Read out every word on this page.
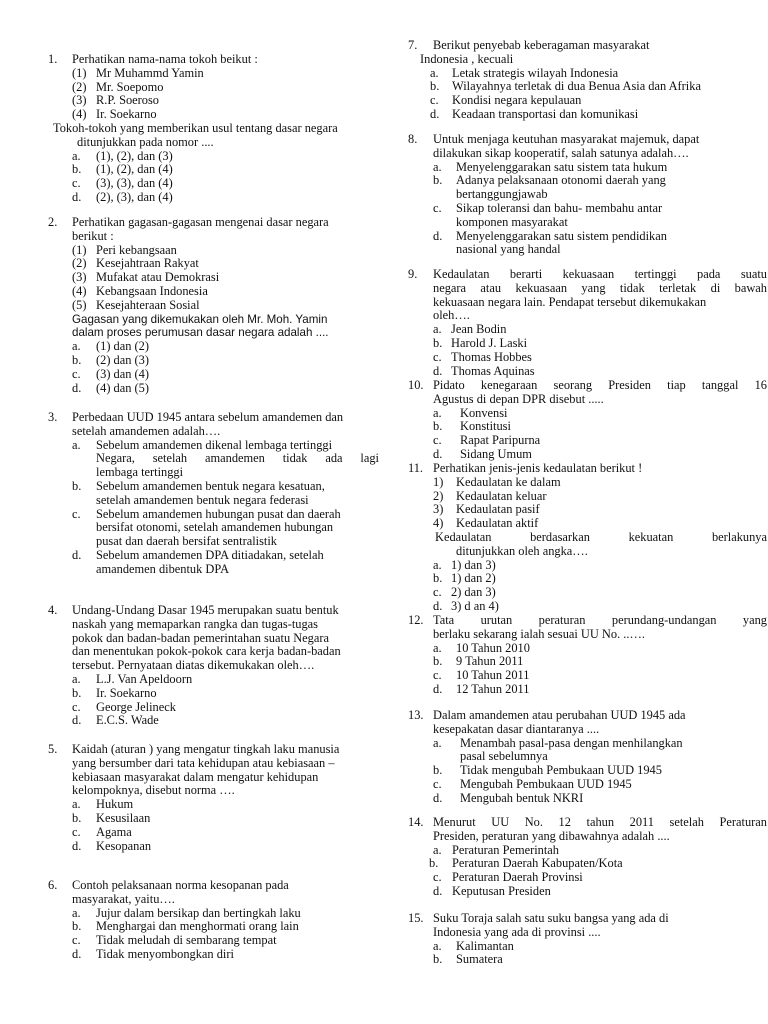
1. Perhatikan nama-nama tokoh beikut :
(1) Mr Muhammd Yamin
(2) Mr. Soepomo
(3) R.P. Soeroso
(4) Ir. Soekarno
Tokoh-tokoh yang memberikan usul tentang dasar negara
ditunjukkan pada nomor ....
a. (1), (2), dan (3)
b. (1), (2), dan (4)
c. (3), (3), dan (4)
d. (2), (3), dan (4)
2. Perhatikan gagasan-gagasan mengenai dasar negara
berikut :
(1) Peri kebangsaan
(2) Kesejahtraan Rakyat
(3) Mufakat atau Demokrasi
(4) Kebangsaan Indonesia
(5) Kesejahteraan Sosial
Gagasan yang dikemukakan oleh Mr. Moh. Yamin
dalam proses perumusan dasar negara adalah ....
a. (1) dan (2)
b. (2) dan (3)
c. (3) dan (4)
d. (4) dan (5)
3. Perbedaan UUD 1945 antara sebelum amandemen dan
setelah amandemen adalah….
a. Sebelum amandemen dikenal lembaga tertinggi
Negara, setelah amandemen tidak ada lagi
lembaga tertinggi
b. Sebelum amandemen bentuk negara kesatuan,
setelah amandemen bentuk negara federasi
c. Sebelum amandemen hubungan pusat dan daerah
bersifat otonomi, setelah amandemen hubungan
pusat dan daerah bersifat sentralistik
d. Sebelum amandemen DPA ditiadakan, setelah
amandemen dibentuk DPA
4. Undang-Undang Dasar 1945 merupakan suatu bentuk
naskah yang memaparkan rangka dan tugas-tugas
pokok dan badan-badan pemerintahan suatu Negara
dan menentukan pokok-pokok cara kerja badan-badan
tersebut. Pernyataan diatas dikemukakan oleh….
a. L.J. Van Apeldoorn
b. Ir. Soekarno
c. George Jelineck
d. E.C.S. Wade
5. Kaidah (aturan ) yang mengatur tingkah laku manusia
yang bersumber dari tata kehidupan atau kebiasaan –
kebiasaan masyarakat dalam mengatur kehidupan
kelompoknya, disebut norma ….
a. Hukum
b. Kesusilaan
c. Agama
d. Kesopanan
6. Contoh pelaksanaan norma kesopanan pada
masyarakat, yaitu….
a. Jujur dalam bersikap dan bertingkah laku
b. Menghargai dan menghormati orang lain
c. Tidak meludah di sembarang tempat
d. Tidak menyombongkan diri
7. Berikut penyebab keberagaman masyarakat
Indonesia , kecuali
a. Letak strategis wilayah Indonesia
b. Wilayahnya terletak di dua Benua Asia dan Afrika
c. Kondisi negara kepulauan
d. Keadaan transportasi dan komunikasi
8. Untuk menjaga keutuhan masyarakat majemuk, dapat
dilakukan sikap kooperatif, salah satunya adalah….
a. Menyelenggarakan satu sistem tata hukum
b. Adanya pelaksanaan otonomi daerah yang
bertanggungjawab
c. Sikap toleransi dan bahu- membahu antar
komponen masyarakat
d. Menyelenggarakan satu sistem pendidikan
nasional yang handal
9. Kedaulatan berarti kekuasaan tertinggi pada suatu
negara atau kekuasaan yang tidak terletak di bawah
kekuasaan negara lain. Pendapat tersebut dikemukakan
oleh….
a. Jean Bodin
b. Harold J. Laski
c. Thomas Hobbes
d. Thomas Aquinas
10. Pidato kenegaraan seorang Presiden tiap tanggal 16
Agustus di depan DPR disebut .....
a. Konvensi
b. Konstitusi
c. Rapat Paripurna
d. Sidang Umum
11. Perhatikan jenis-jenis kedaulatan berikut !
1) Kedaulatan ke dalam
2) Kedaulatan keluar
3) Kedaulatan pasif
4) Kedaulatan aktif
Kedaulatan berdasarkan kekuatan berlakunya
ditunjukkan oleh angka….
a. 1) dan 3)
b. 1) dan 2)
c. 2) dan 3)
d. 3) d an 4)
12. Tata urutan peraturan perundang-undangan yang
berlaku sekarang ialah sesuai UU No. ..….
a. 10 Tahun 2010
b. 9 Tahun 2011
c. 10 Tahun 2011
d. 12 Tahun 2011
13. Dalam amandemen atau perubahan UUD 1945 ada
kesepakatan dasar diantaranya ....
a. Menambah pasal-pasa dengan menhilangkan
pasal sebelumnya
b. Tidak mengubah Pembukaan UUD 1945
c. Mengubah Pembukaan UUD 1945
d. Mengubah bentuk NKRI
14. Menurut UU No. 12 tahun 2011 setelah Peraturan
Presiden, peraturan yang dibawahnya adalah ....
a. Peraturan Pemerintah
b. Peraturan Daerah Kabupaten/Kota
c. Peraturan Daerah Provinsi
d. Keputusan Presiden
15. Suku Toraja salah satu suku bangsa yang ada di
Indonesia yang ada di provinsi ....
a. Kalimantan
b. Sumatera
